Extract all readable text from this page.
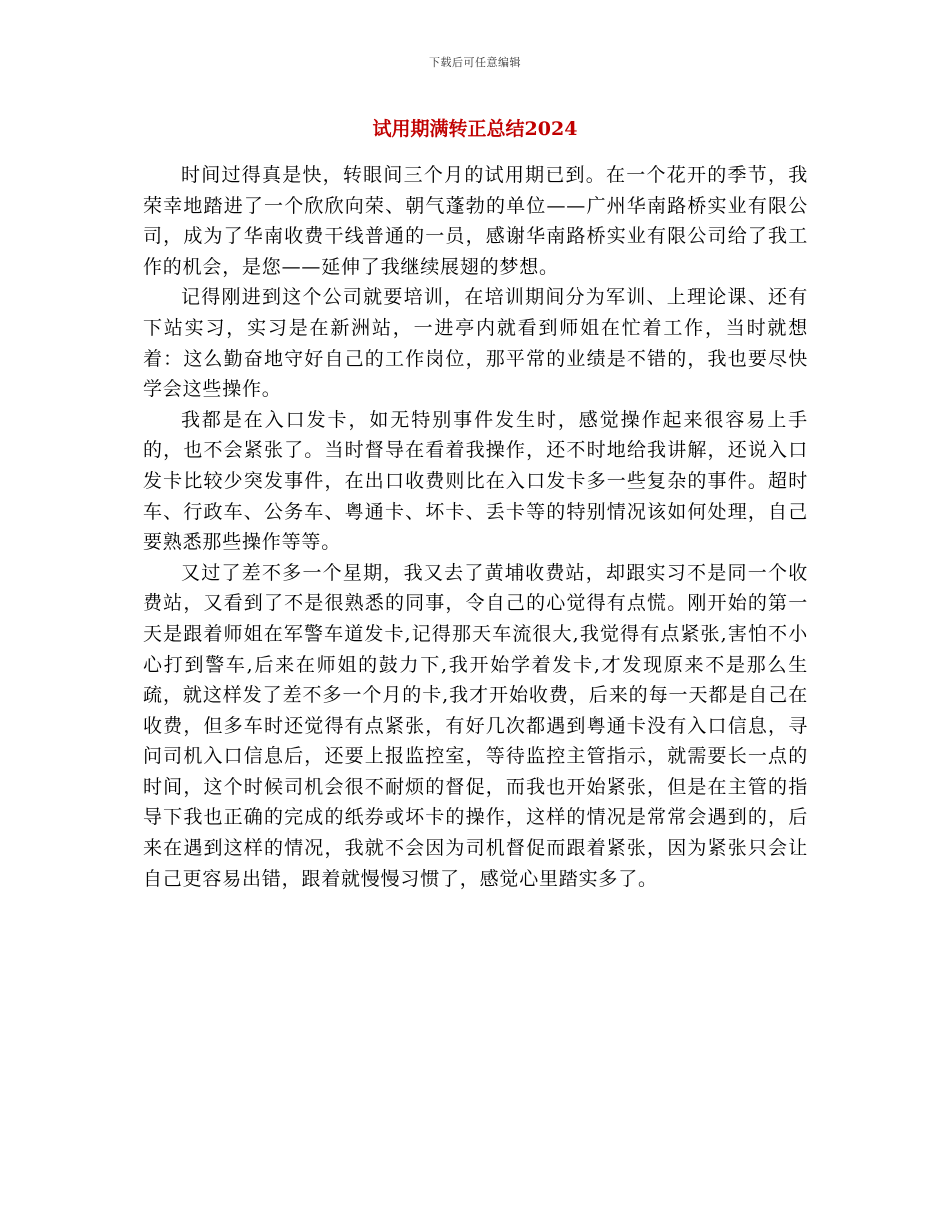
下载后可任意编辑
试用期满转正总结2024

时间过得真是快，转眼间三个月的试用期已到。在一个花开的季节，我荣幸地踏进了一个欣欣向荣、朝气蓬勃的单位——广州华南路桥实业有限公司，成为了华南收费干线普通的一员，感谢华南路桥实业有限公司给了我工作的机会，是您——延伸了我继续展翅的梦想。

记得刚进到这个公司就要培训，在培训期间分为军训、上理论课、还有下站实习，实习是在新洲站，一进亭内就看到师姐在忙着工作，当时就想着：这么勤奋地守好自己的工作岗位，那平常的业绩是不错的，我也要尽快学会这些操作。

我都是在入口发卡，如无特别事件发生时，感觉操作起来很容易上手的，也不会紧张了。当时督导在看着我操作，还不时地给我讲解，还说入口发卡比较少突发事件，在出口收费则比在入口发卡多一些复杂的事件。超时车、行政车、公务车、粤通卡、坏卡、丢卡等的特别情况该如何处理，自己要熟悉那些操作等等。

又过了差不多一个星期，我又去了黄埔收费站，却跟实习不是同一个收费站，又看到了不是很熟悉的同事，令自己的心觉得有点慌。刚开始的第一天是跟着师姐在军警车道发卡,记得那天车流很大,我觉得有点紧张,害怕不小心打到警车,后来在师姐的鼓力下,我开始学着发卡,才发现原来不是那么生疏，就这样发了差不多一个月的卡,我才开始收费，后来的每一天都是自己在收费，但多车时还觉得有点紧张，有好几次都遇到粤通卡没有入口信息，寻问司机入口信息后，还要上报监控室，等待监控主管指示，就需要长一点的时间，这个时候司机会很不耐烦的督促，而我也开始紧张，但是在主管的指导下我也正确的完成的纸券或坏卡的操作，这样的情况是常常会遇到的，后来在遇到这样的情况，我就不会因为司机督促而跟着紧张，因为紧张只会让自己更容易出错，跟着就慢慢习惯了，感觉心里踏实多了。
